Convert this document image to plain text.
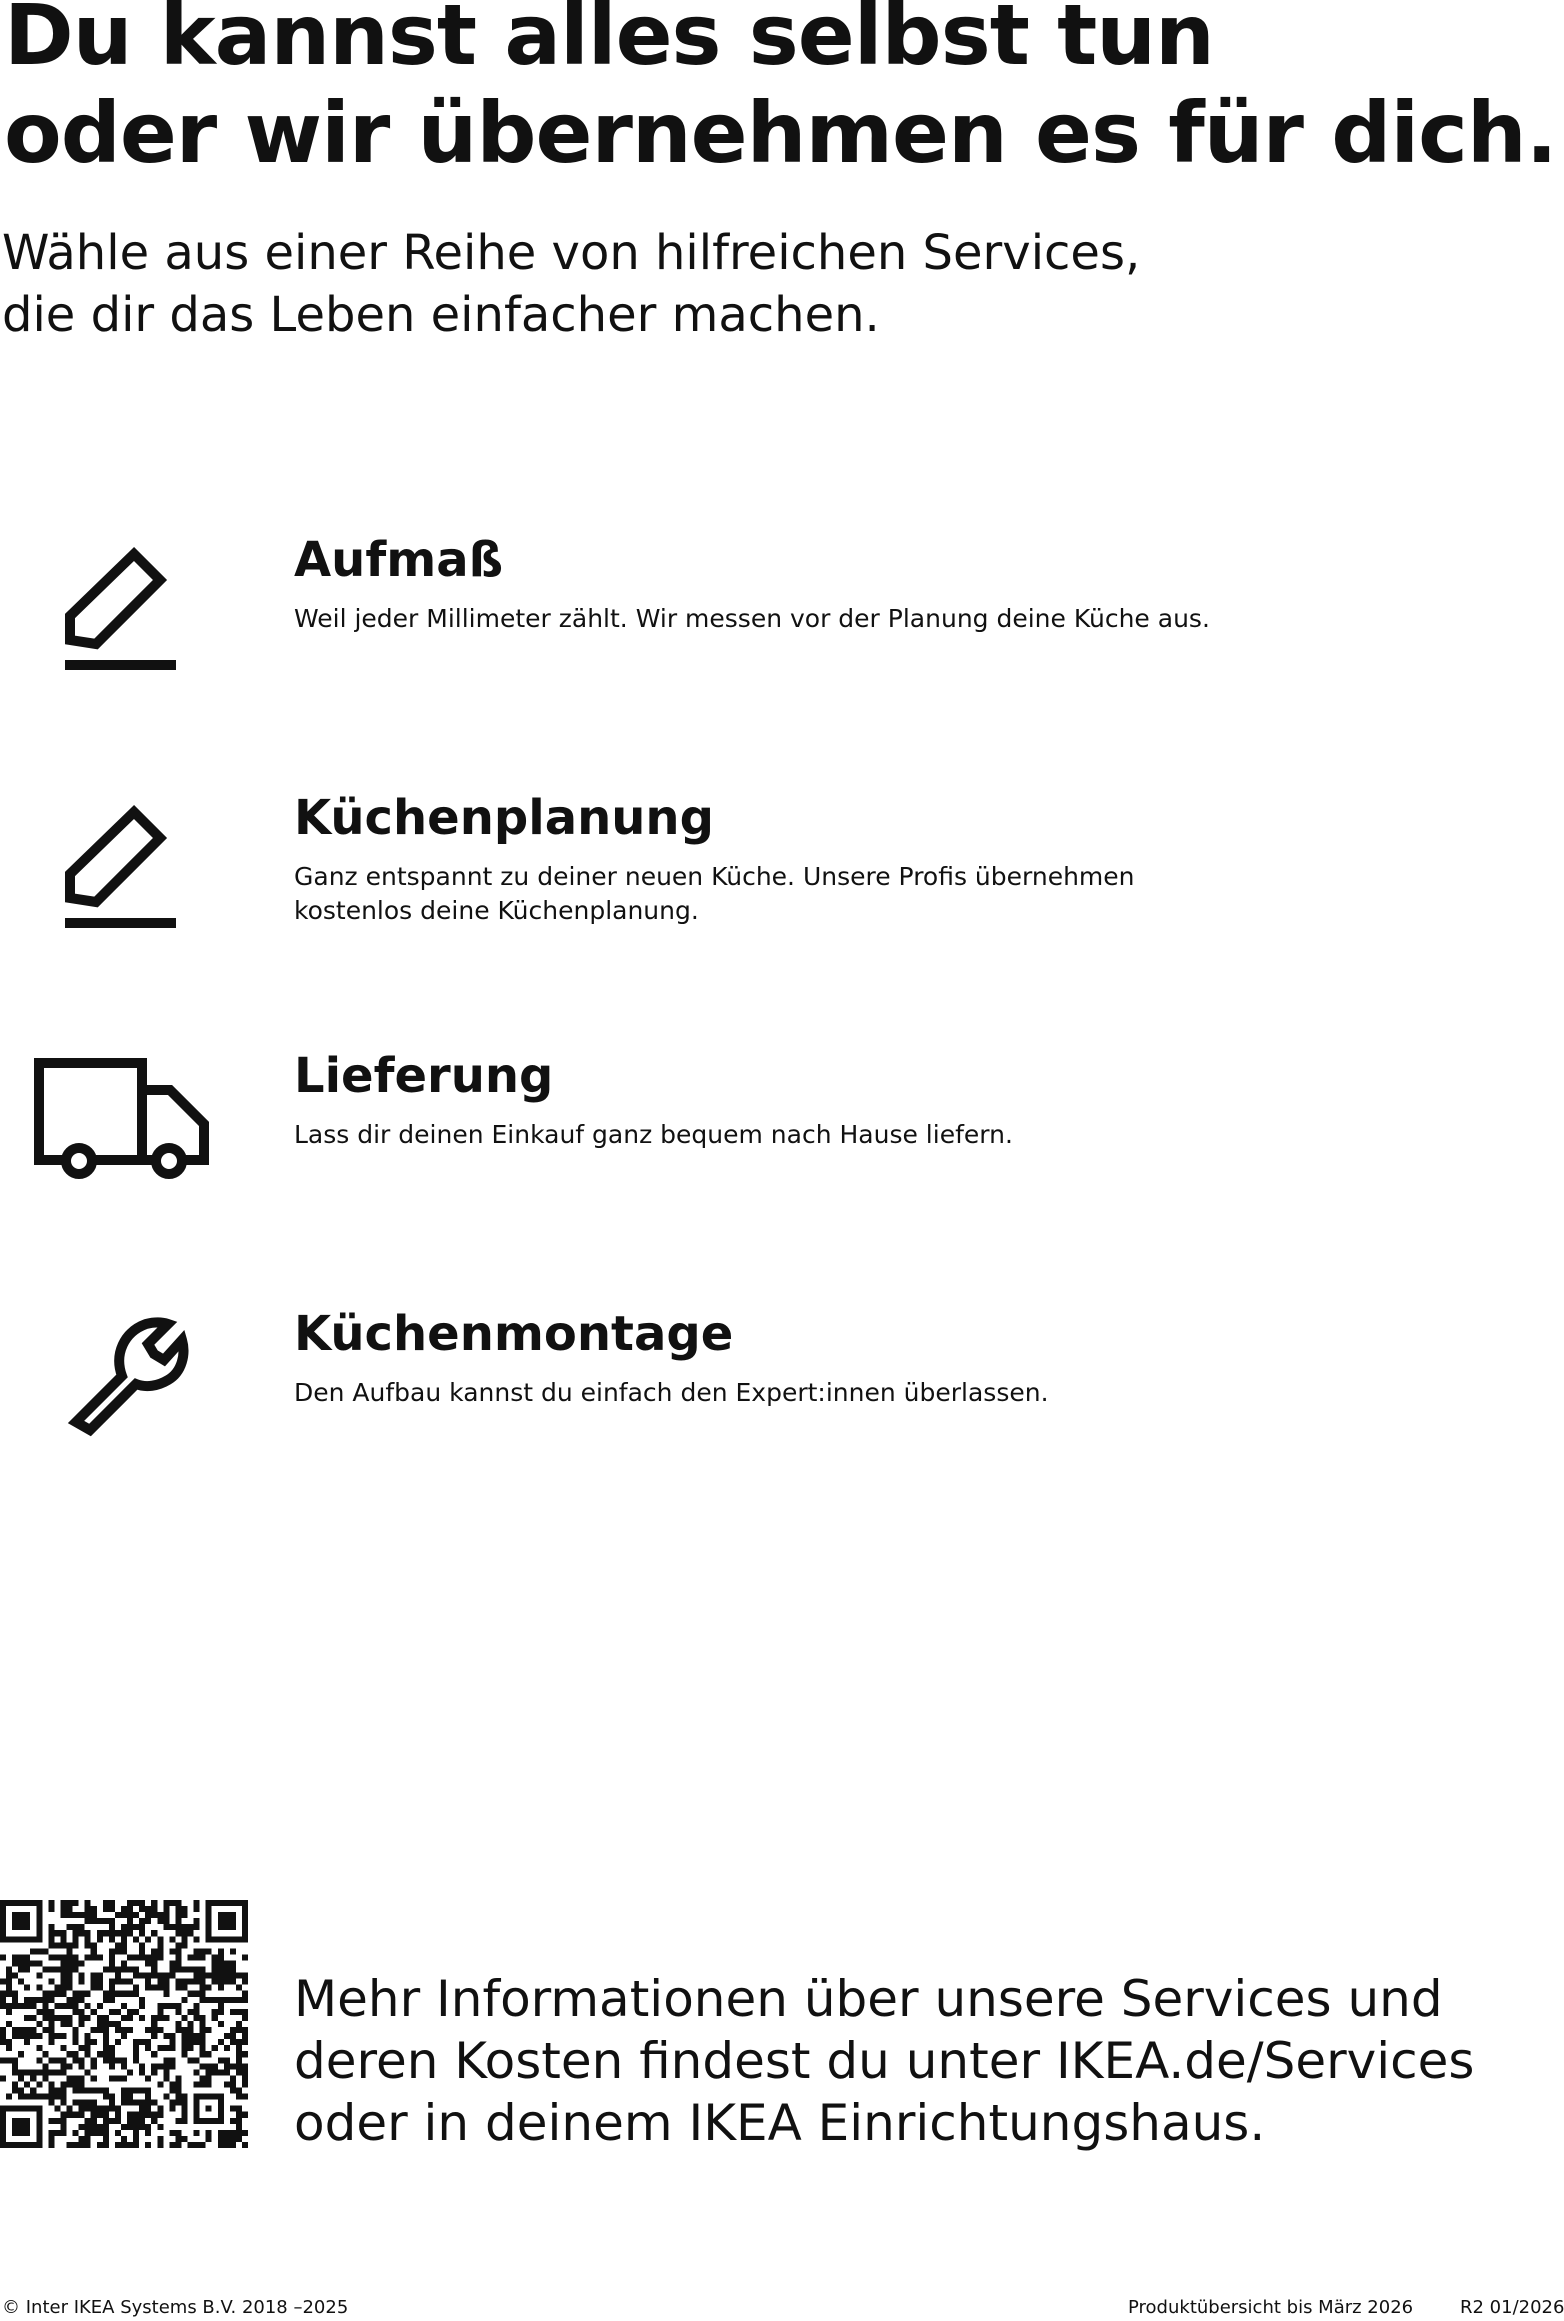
Du kannst alles selbst tun
oder wir übernehmen es für dich.
Wähle aus einer Reihe von hilfreichen Services,
die dir das Leben einfacher machen.
Aufmaß

Weil jeder Millimeter zählt. Wir messen vor der Planung deine Küche aus.

Küchenplanung

Ganz entspannt zu deiner neuen Küche. Unsere Profis übernehmen
kostenlos deine Küchenplanung.

Lieferung

Lass dir deinen Einkauf ganz bequem nach Hause liefern.

Küchenmontage

Den Aufbau kannst du einfach den Expert:innen überlassen.

Mehr Informationen über unsere Services und
deren Kosten findest du unter IKEA.de/Services
oder in deinem IKEA Einrichtungshaus.

© Inter IKEA Systems B.V. 2018 –2025	Produktübersicht bis März 2026	R2 01/2026
